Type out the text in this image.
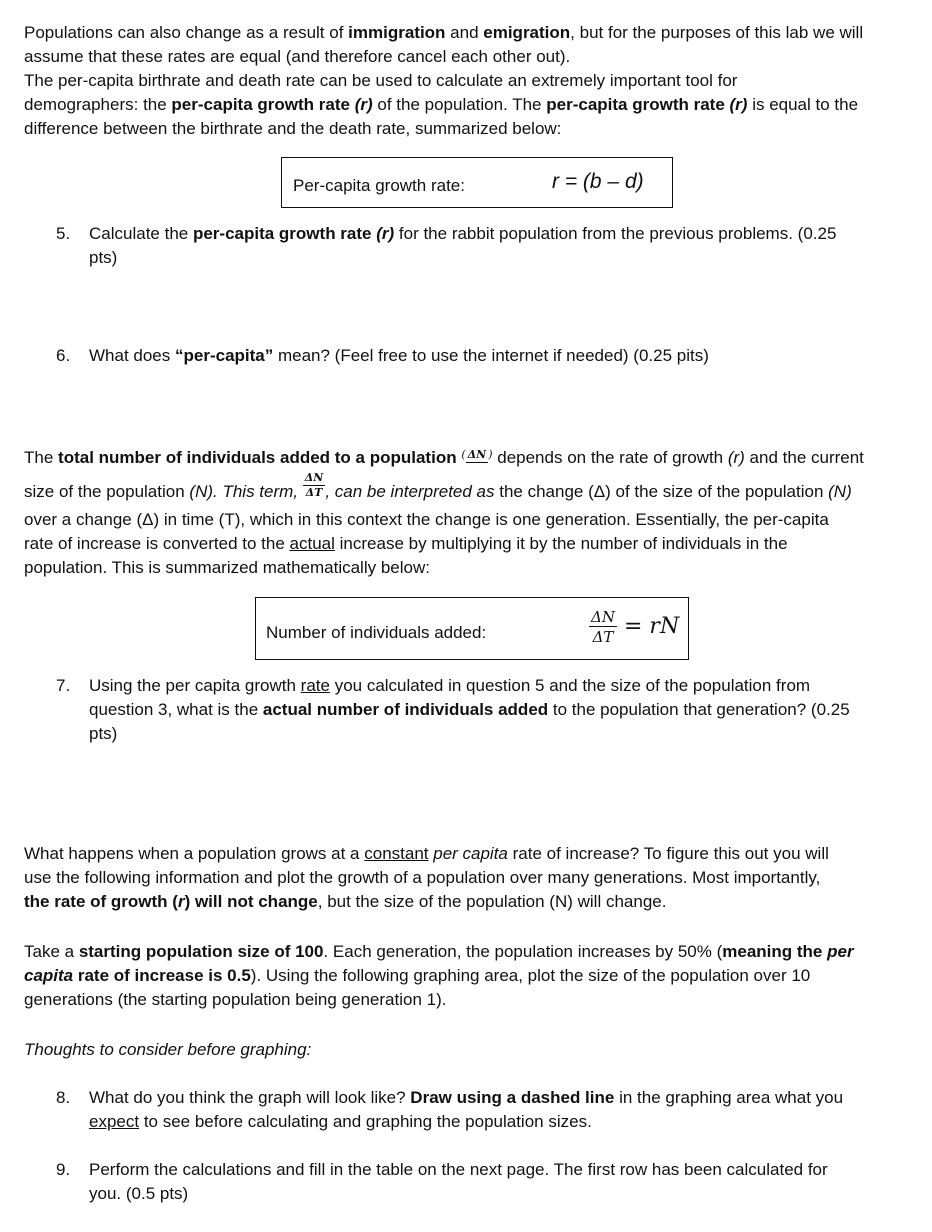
Populations can also change as a result of immigration and emigration, but for the purposes of this lab we will
assume that these rates are equal (and therefore cancel each other out).
The per-capita birthrate and death rate can be used to calculate an extremely important tool for
demographers: the per-capita growth rate (r) of the population. The per-capita growth rate (r) is equal to the
difference between the birthrate and the death rate, summarized below:
Per-capita growth rate:	r = (b – d)
5. Calculate the per-capita growth rate (r) for the rabbit population from the previous problems. (0.25
pts)
6. What does “per-capita” mean? (Feel free to use the internet if needed) (0.25 pits)
The total number of individuals added to a population ( ΔN ) depends on the rate of growth (r) and the current
size of the population (N). This term, $\frac{\Delta N}{\Delta T}$ , can be interpreted as the change (Δ) of the size of the population (N)
over a change (Δ) in time (T), which in this context the change is one generation. Essentially, the per-capita
rate of increase is converted to the actual increase by multiplying it by the number of individuals in the
population. This is summarized mathematically below:
Number of individuals added:	$\frac{\Delta N}{\Delta T}$ = rN
7. Using the per capita growth rate you calculated in question 5 and the size of the population from
question 3, what is the actual number of individuals added to the population that generation? (0.25
pts)
What happens when a population grows at a constant per capita rate of increase? To figure this out you will
use the following information and plot the growth of a population over many generations. Most importantly,
the rate of growth (r) will not change, but the size of the population (N) will change.
Take a starting population size of 100. Each generation, the population increases by 50% (meaning the per
capita rate of increase is 0.5). Using the following graphing area, plot the size of the population over 10
generations (the starting population being generation 1).
Thoughts to consider before graphing:
8. What do you think the graph will look like? Draw using a dashed line in the graphing area what you
expect to see before calculating and graphing the population sizes.
9. Perform the calculations and fill in the table on the next page. The first row has been calculated for
you. (0.5 pts)
